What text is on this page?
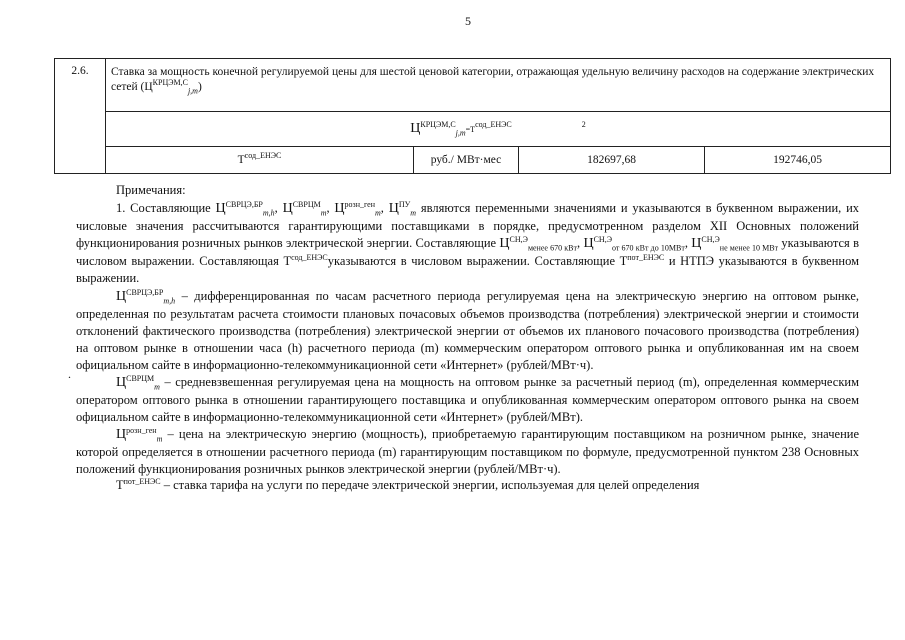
5
2.6.	Ставка за мощность конечной регулируемой цены для шестой ценовой категории, отражающая удельную величину расходов на содержание электрических сетей $(Ц^{КРЦЭМ,С}_{j,m})$			
	$Ц^{КРЦЭМ,С}_{j,m}=Т^{сод\_ЕНЭС}$ $^2$
	$Т^{сод\_ЕНЭС}$	руб./ МВт·мес	182697,68	192746,05
.

Примечания:

1. Составляющие $Ц^{СВРЦЭ,БР}_{m,h}$, $Ц^{СВРЦМ}_m$, $Ц^{розн\_ген}_m$, $Ц^{ПУ}_m$ являются переменными значениями и указываются в буквенном выражении, их числовые значения рассчитываются гарантирующими поставщиками в порядке, предусмотренном разделом XII Основных положений функционирования розничных рынков электрической энергии. Составляющие $Ц^{СН,Э}_{менее 670 кВт}$, $Ц^{СН,Э}_{от 670 кВт до 10МВт}$, $Ц^{СН,Э}_{не менее 10 МВт}$ указываются в числовом выражении. Составляющая $Т^{сод\_ЕНЭС}указываются$ в числовом выражении. Составляющие $Т^{пот\_ЕНЭС}$ и НТПЭ указываются в буквенном выражении.

$Ц^{СВРЦЭ,БР}_{m,h}$ – дифференцированная по часам расчетного периода регулируемая цена на электрическую энергию на оптовом рынке, определенная по результатам расчета стоимости плановых почасовых объемов производства (потребления) электрической энергии и стоимости отклонений фактического производства (потребления) электрической энергии от объемов их планового почасового производства (потребления) на оптовом рынке в отношении часа (h) расчетного периода (m) коммерческим оператором оптового рынка и опубликованная им на своем официальном сайте в информационно-телекоммуникационной сети «Интернет» (рублей/МВт·ч).

$Ц^{СВРЦМ}_m$ – средневзвешенная регулируемая цена на мощность на оптовом рынке за расчетный период (m), определенная коммерческим оператором оптового рынка в отношении гарантирующего поставщика и опубликованная коммерческим оператором оптового рынка на своем официальном сайте в информационно-телекоммуникационной сети «Интернет» (рублей/МВт).

$Ц^{розн\_ген}_m$ – цена на электрическую энергию (мощность), приобретаемую гарантирующим поставщиком на розничном рынке, значение которой определяется в отношении расчетного периода (m) гарантирующим поставщиком по формуле, предусмотренной пунктом 238 Основных положений функционирования розничных рынков электрической энергии (рублей/МВт·ч).

$Т^{пот\_ЕНЭС}$ – ставка тарифа на услуги по передаче электрической энергии, используемая для целей определения
